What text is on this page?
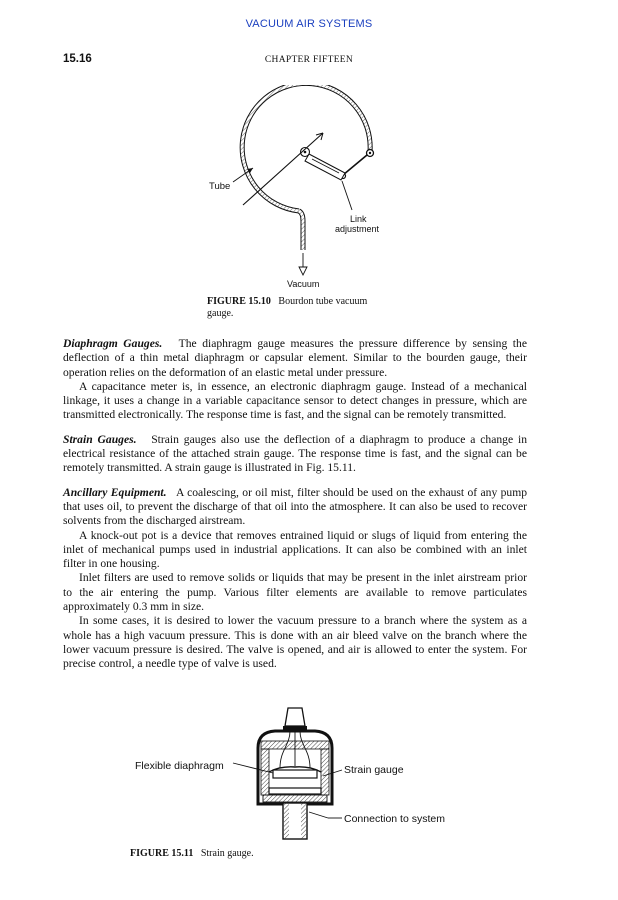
VACUUM AIR SYSTEMS
15.16	CHAPTER FIFTEEN
Tube
Link
adjustment
Vacuum
FIGURE 15.10 Bourdon tube vacuum
gauge.

Diaphragm Gauges. The diaphragm gauge measures the pressure difference by sensing the deflection of a thin metal diaphragm or capsular element. Similar to the bourden gauge, their operation relies on the deformation of an elastic metal under pressure.

A capacitance meter is, in essence, an electronic diaphragm gauge. Instead of a mechanical linkage, it uses a change in a variable capacitance sensor to detect changes in pressure, which are transmitted electronically. The response time is fast, and the signal can be remotely transmitted.

Strain Gauges. Strain gauges also use the deflection of a diaphragm to produce a change in electrical resistance of the attached strain gauge. The response time is fast, and the signal can be remotely transmitted. A strain gauge is illustrated in Fig. 15.11.

Ancillary Equipment. A coalescing, or oil mist, filter should be used on the exhaust of any pump that uses oil, to prevent the discharge of that oil into the atmosphere. It can also be used to recover solvents from the discharged airstream.

A knock-out pot is a device that removes entrained liquid or slugs of liquid from entering the inlet of mechanical pumps used in industrial applications. It can also be combined with an inlet filter in one housing.

Inlet filters are used to remove solids or liquids that may be present in the inlet airstream prior to the air entering the pump. Various filter elements are available to remove particulates approximately 0.3 mm in size.

In some cases, it is desired to lower the vacuum pressure to a branch where the system as a whole has a high vacuum pressure. This is done with an air bleed valve on the branch where the lower vacuum pressure is desired. The valve is opened, and air is allowed to enter the system. For precise control, a needle type of valve is used.

Flexible diaphragm	Strain gauge
Connection to system
FIGURE 15.11 Strain gauge.
